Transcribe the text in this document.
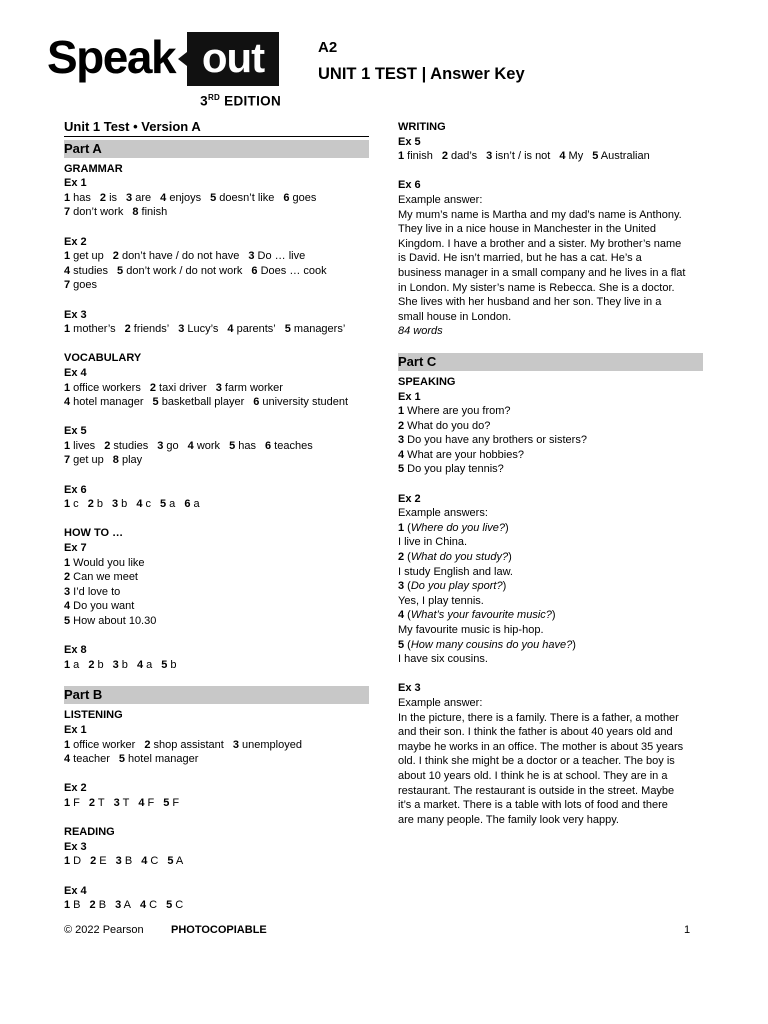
Speak out
3RD EDITION
A2
UNIT 1 TEST | Answer Key
Unit 1 Test • Version A
Part A
GRAMMAR
Ex 1
1 has 2 is 3 are 4 enjoys 5 doesn’t like 6 goes
7 don’t work 8 finish
Ex 2
1 get up 2 don’t have / do not have 3 Do … live
4 studies 5 don’t work / do not work 6 Does … cook
7 goes
Ex 3
1 mother’s 2 friends’ 3 Lucy’s 4 parents’ 5 managers’
VOCABULARY
Ex 4
1 office workers 2 taxi driver 3 farm worker
4 hotel manager 5 basketball player 6 university student
Ex 5
1 lives 2 studies 3 go 4 work 5 has 6 teaches
7 get up 8 play
Ex 6
1 c 2 b 3 b 4 c 5 a 6 a
HOW TO …
Ex 7
1 Would you like
2 Can we meet
3 I’d love to
4 Do you want
5 How about 10.30
Ex 8
1 a 2 b 3 b 4 a 5 b
Part B
LISTENING
Ex 1
1 office worker 2 shop assistant 3 unemployed
4 teacher 5 hotel manager
Ex 2
1 F 2 T 3 T 4 F 5 F
READING
Ex 3
1 D 2 E 3 B 4 C 5 A
Ex 4
1 B 2 B 3 A 4 C 5 C
WRITING
Ex 5
1 finish 2 dad’s 3 isn’t / is not 4 My 5 Australian
Ex 6
Example answer:
My mum’s name is Martha and my dad’s name is Anthony.
They live in a nice house in Manchester in the United
Kingdom. I have a brother and a sister. My brother’s name
is David. He isn’t married, but he has a cat. He’s a
business manager in a small company and he lives in a flat
in London. My sister’s name is Rebecca. She is a doctor.
She lives with her husband and her son. They live in a
small house in London.
84 words
Part C
SPEAKING
Ex 1
1 Where are you from?
2 What do you do?
3 Do you have any brothers or sisters?
4 What are your hobbies?
5 Do you play tennis?
Ex 2
Example answers:
1 (Where do you live?)
I live in China.
2 (What do you study?)
I study English and law.
3 (Do you play sport?)
Yes, I play tennis.
4 (What’s your favourite music?)
My favourite music is hip-hop.
5 (How many cousins do you have?)
I have six cousins.
Ex 3
Example answer:
In the picture, there is a family. There is a father, a mother
and their son. I think the father is about 40 years old and
maybe he works in an office. The mother is about 35 years
old. I think she might be a doctor or a teacher. The boy is
about 10 years old. I think he is at school. They are in a
restaurant. The restaurant is outside in the street. Maybe
it’s a market. There is a table with lots of food and there
are many people. The family look very happy.
© 2022 Pearson PHOTOCOPIABLE	1
